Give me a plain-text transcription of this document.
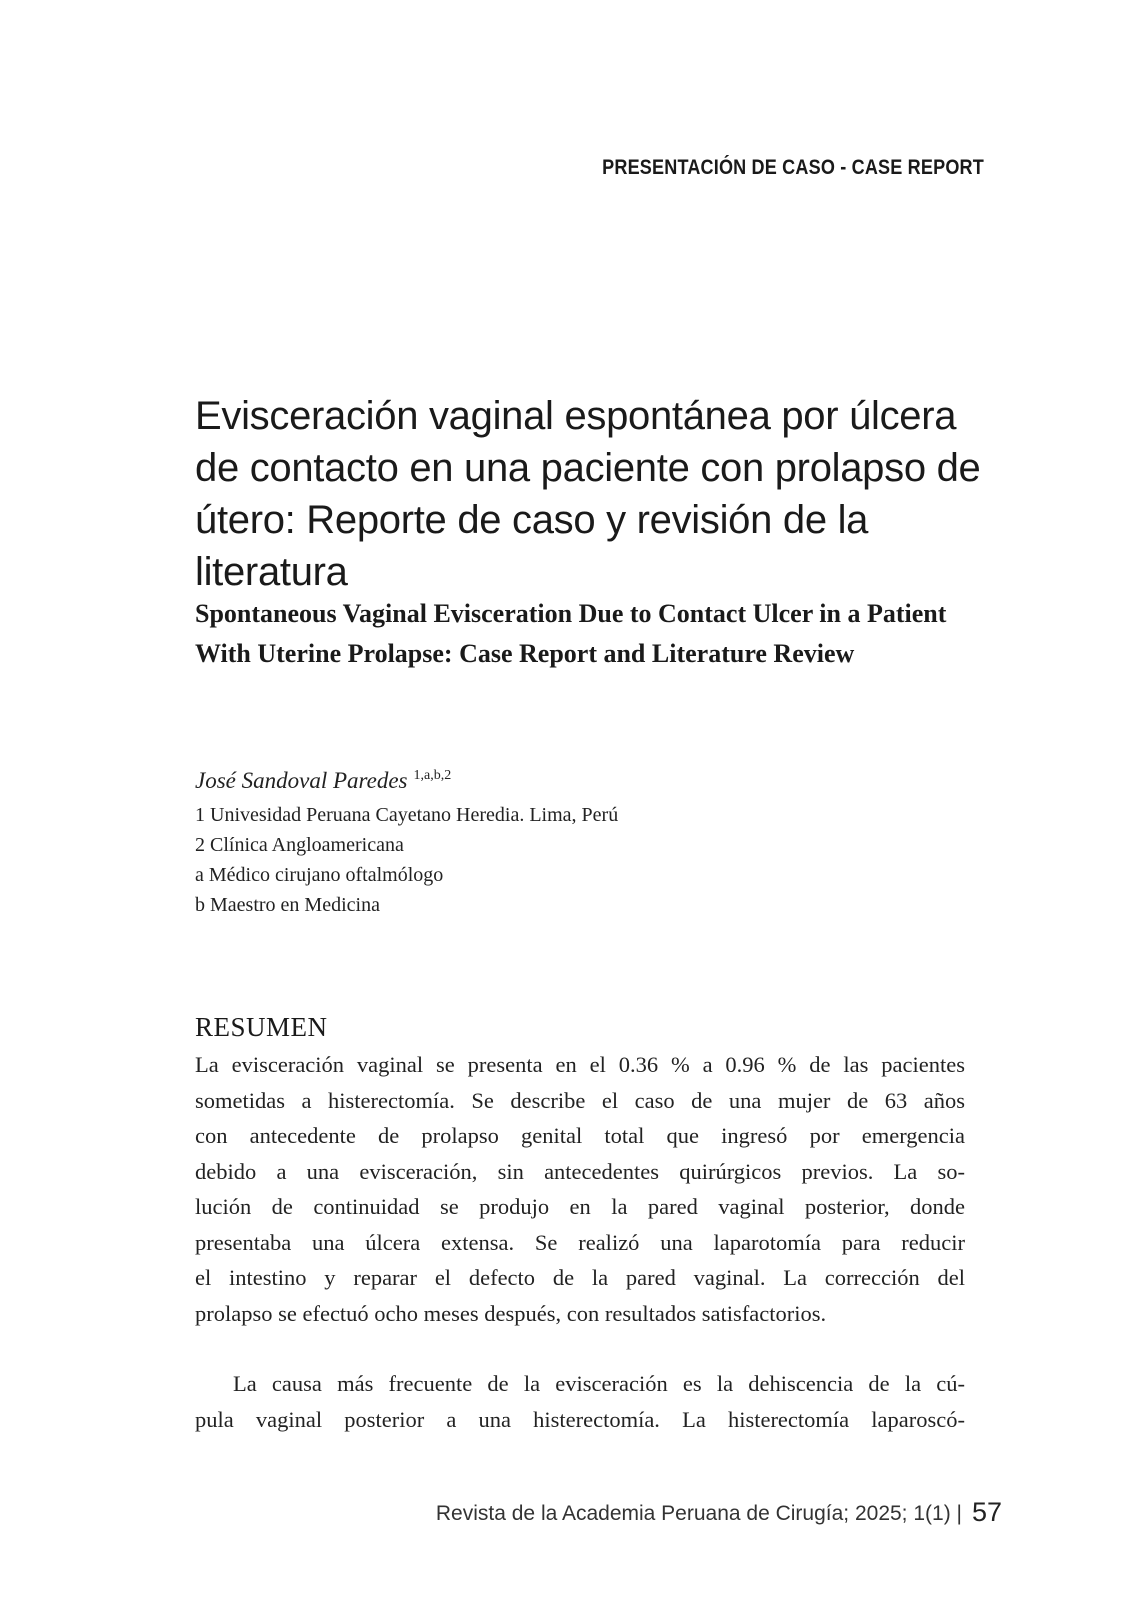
PRESENTACIÓN DE CASO - CASE REPORT
Evisceración vaginal espontánea por úlcera de contacto en una paciente con prolapso de útero: Reporte de caso y revisión de la literatura
Spontaneous Vaginal Evisceration Due to Contact Ulcer in a Patient With Uterine Prolapse: Case Report and Literature Review
José Sandoval Paredes $^{1,a,b,2}$
1 Univesidad Peruana Cayetano Heredia. Lima, Perú
2 Clínica Angloamericana
a Médico cirujano oftalmólogo
b Maestro en Medicina
RESUMEN

La evisceración vaginal se presenta en el 0.36 % a 0.96 % de las pacientes
sometidas a histerectomía. Se describe el caso de una mujer de 63 años
con antecedente de prolapso genital total que ingresó por emergencia
debido a una evisceración, sin antecedentes quirúrgicos previos. La so-
lución de continuidad se produjo en la pared vaginal posterior, donde
presentaba una úlcera extensa. Se realizó una laparotomía para reducir
el intestino y reparar el defecto de la pared vaginal. La corrección del
prolapso se efectuó ocho meses después, con resultados satisfactorios.

La causa más frecuente de la evisceración es la dehiscencia de la cú-
pula vaginal posterior a una histerectomía. La histerectomía laparoscó-

Revista de la Academia Peruana de Cirugía; 2025; 1(1) | 57
